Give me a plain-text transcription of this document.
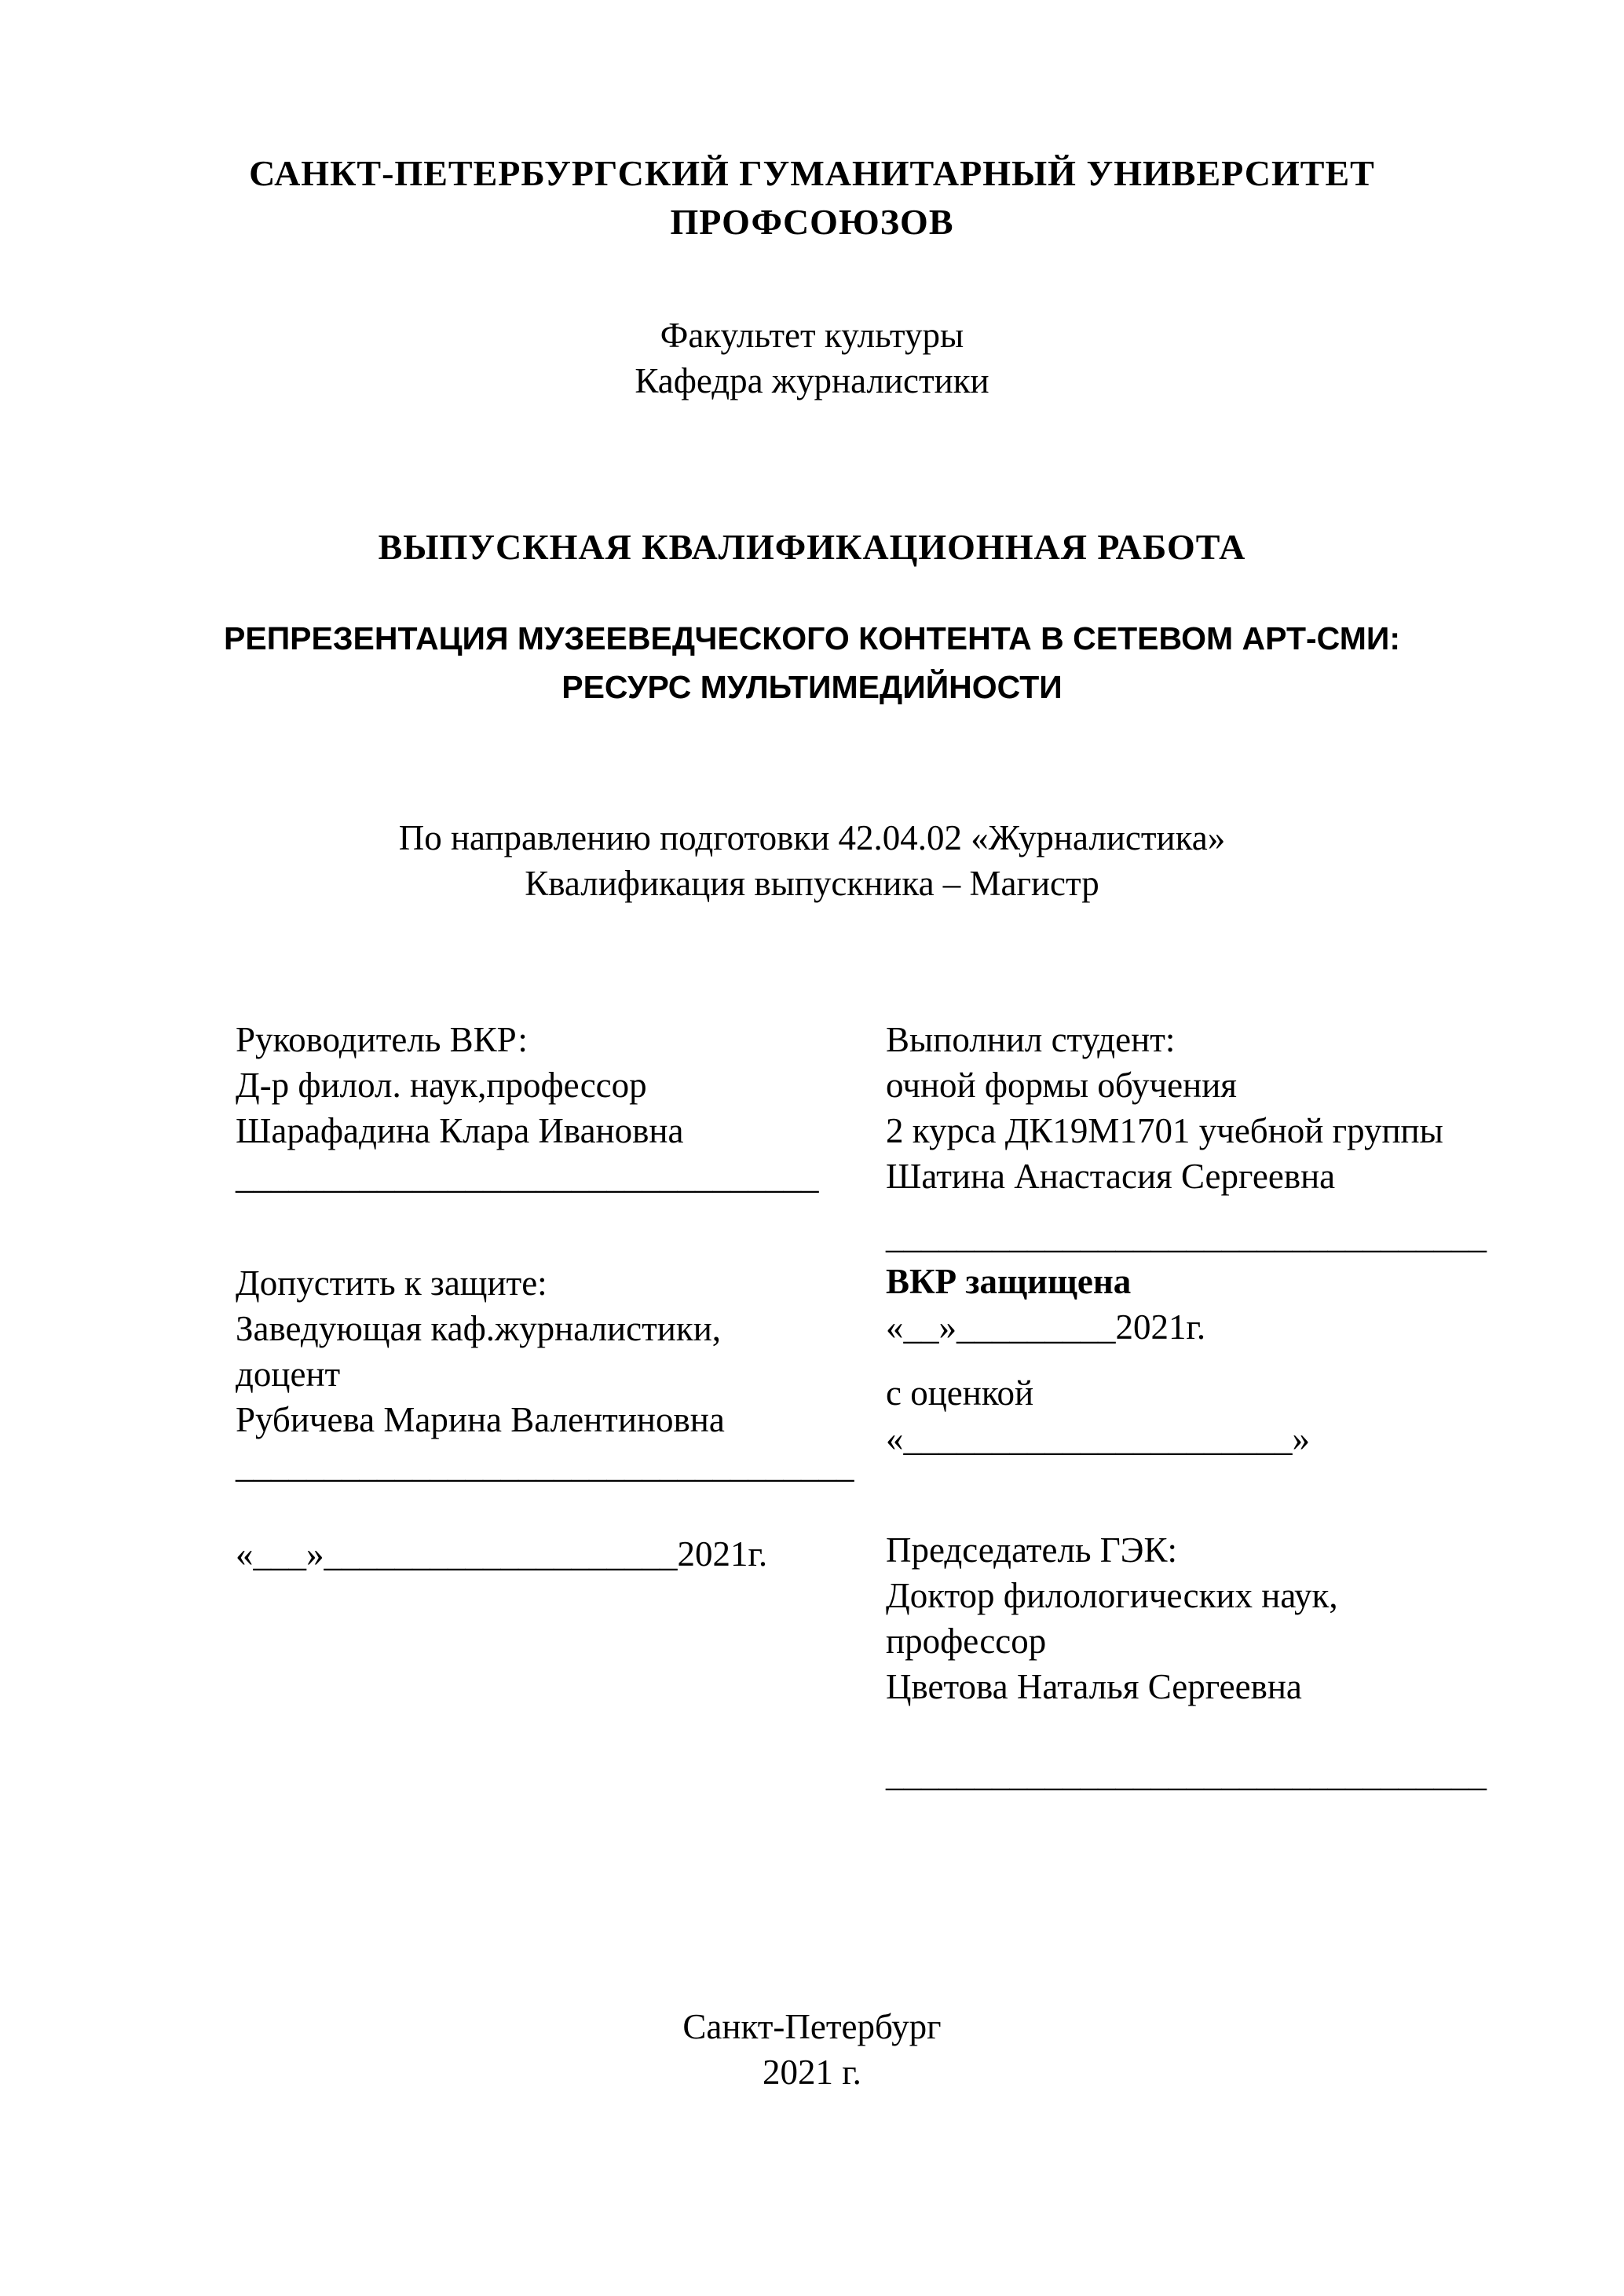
САНКТ-ПЕТЕРБУРГСКИЙ ГУМАНИТАРНЫЙ УНИВЕРСИТЕТ
ПРОФСОЮЗОВ
Факультет культуры
Кафедра журналистики
ВЫПУСКНАЯ КВАЛИФИКАЦИОННАЯ РАБОТА
РЕПРЕЗЕНТАЦИЯ МУЗЕЕВЕДЧЕСКОГО КОНТЕНТА В СЕТЕВОМ АРТ-СМИ:
РЕСУРС МУЛЬТИМЕДИЙНОСТИ
По направлению подготовки 42.04.02 «Журналистика»
Квалификация выпускника – Магистр
Руководитель ВКР:
Д-р филол. наук,профессор
Шарафадина Клара Ивановна
_________________________________
Допустить к защите:
Заведующая каф.журналистики,
доцент
Рубичева Марина Валентиновна
___________________________________
«___»____________________2021г.
Выполнил студент:
очной формы обучения
2 курса ДК19М1701 учебной группы
Шатина Анастасия Сергеевна
__________________________________
ВКР защищена
«__»_________2021г.
с оценкой
«______________________»
Председатель ГЭК:
Доктор филологических наук,
профессор
Цветова Наталья Сергеевна
__________________________________
Санкт-Петербург
2021 г.
